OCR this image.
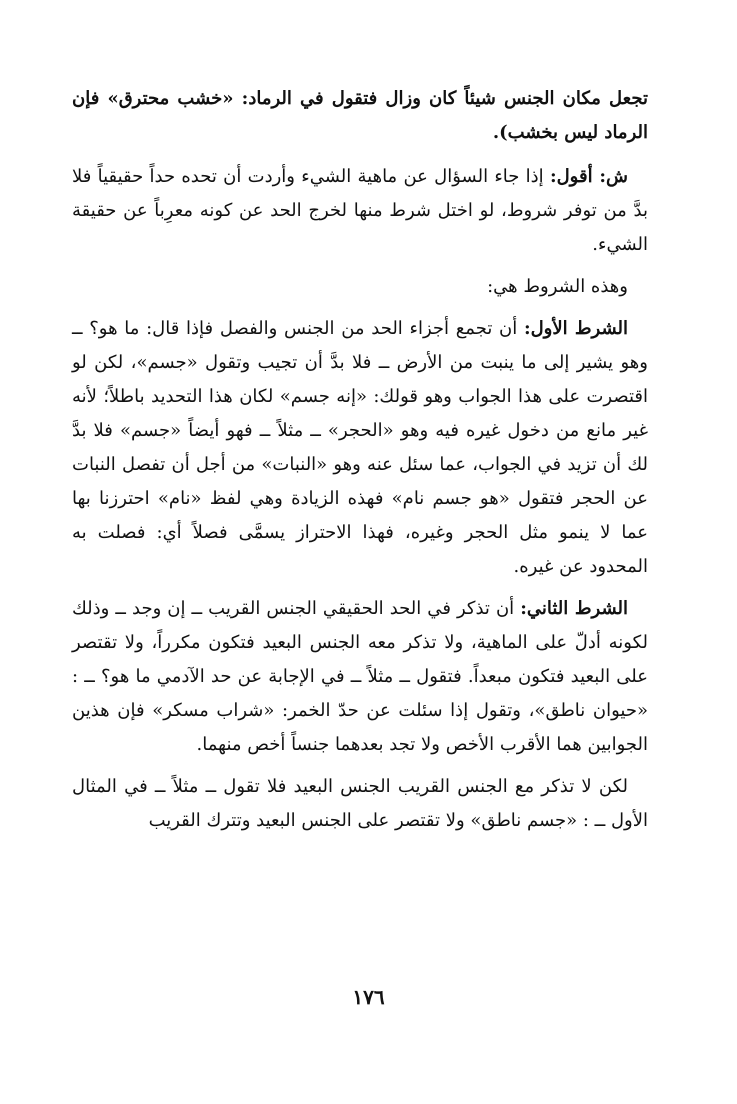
تجعل مكان الجنس شيئاً كان وزال فتقول في الرماد: «خشب محترق» فإن الرماد ليس بخشب).

ش: أقول: إذا جاء السؤال عن ماهية الشيء وأردت أن تحده حداً حقيقياً فلا بدَّ من توفر شروط، لو اختل شرط منها لخرج الحد عن كونه معرِباً عن حقيقة الشيء.

وهذه الشروط هي:

الشرط الأول: أن تجمع أجزاء الحد من الجنس والفصل فإذا قال: ما هو؟ ــ وهو يشير إلى ما ينبت من الأرض ــ فلا بدَّ أن تجيب وتقول «جسم»، لكن لو اقتصرت على هذا الجواب وهو قولك: «إنه جسم» لكان هذا التحديد باطلاً؛ لأنه غير مانع من دخول غيره فيه وهو «الحجر» ــ مثلاً ــ فهو أيضاً «جسم» فلا بدَّ لك أن تزيد في الجواب، عما سئل عنه وهو «النبات» من أجل أن تفصل النبات عن الحجر فتقول «هو جسم نام» فهذه الزيادة وهي لفظ «نام» احترزنا بها عما لا ينمو مثل الحجر وغيره، فهذا الاحتراز يسمَّى فصلاً أي: فصلت به المحدود عن غيره.

الشرط الثاني: أن تذكر في الحد الحقيقي الجنس القريب ــ إن وجد ــ وذلك لكونه أدلّ على الماهية، ولا تذكر معه الجنس البعيد فتكون مكرراً، ولا تقتصر على البعيد فتكون مبعداً. فتقول ــ مثلاً ــ في الإجابة عن حد الآدمي ما هو؟ ــ : «حيوان ناطق»، وتقول إذا سئلت عن حدّ الخمر: «شراب مسكر» فإن هذين الجوابين هما الأقرب الأخص ولا تجد بعدهما جنساً أخص منهما.

لكن لا تذكر مع الجنس القريب الجنس البعيد فلا تقول ــ مثلاً ــ في المثال الأول ــ : «جسم ناطق» ولا تقتصر على الجنس البعيد وتترك القريب

١٧٦
